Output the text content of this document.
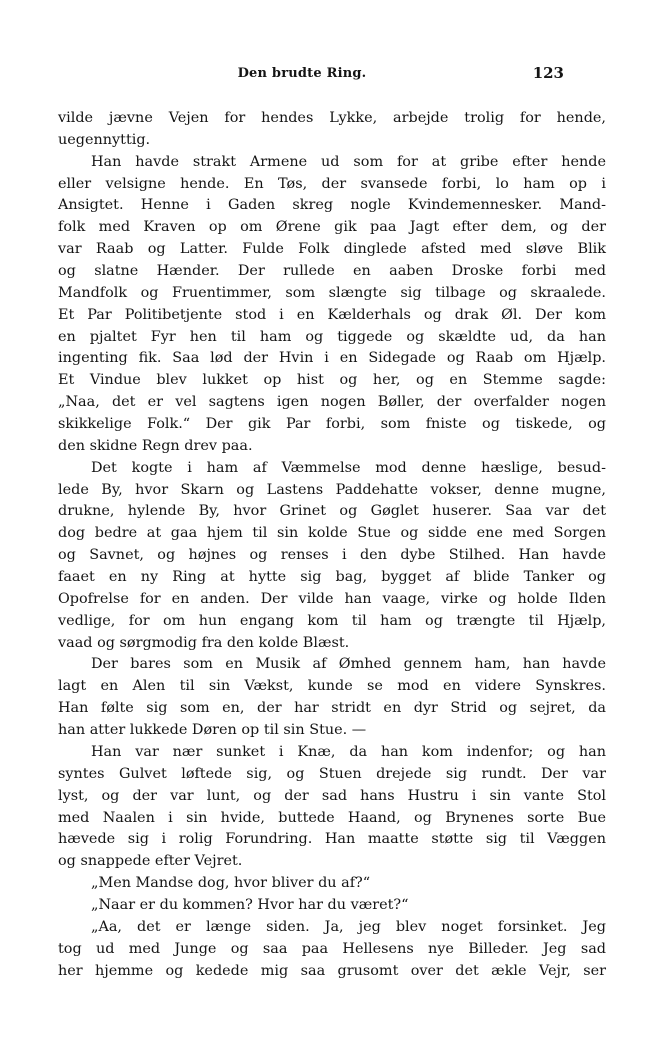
Den brudte Ring.	123
vilde jævne Vejen for hendes Lykke, arbejde trolig for hende,
uegennyttig.
Han havde strakt Armene ud som for at gribe efter hende
eller velsigne hende. En Tøs, der svansede forbi, lo ham op i
Ansigtet. Henne i Gaden skreg nogle Kvindemennesker. Mand-
folk med Kraven op om Ørene gik paa Jagt efter dem, og der
var Raab og Latter. Fulde Folk dinglede afsted med sløve Blik
og slatne Hænder. Der rullede en aaben Droske forbi med
Mandfolk og Fruentimmer, som slængte sig tilbage og skraalede.
Et Par Politibetjente stod i en Kælderhals og drak Øl. Der kom
en pjaltet Fyr hen til ham og tiggede og skældte ud, da han
ingenting fik. Saa lød der Hvin i en Sidegade og Raab om Hjælp.
Et Vindue blev lukket op hist og her, og en Stemme sagde:
„Naa, det er vel sagtens igen nogen Bøller, der overfalder nogen
skikkelige Folk.“ Der gik Par forbi, som fniste og tiskede, og
den skidne Regn drev paa.
Det kogte i ham af Væmmelse mod denne hæslige, besud-
lede By, hvor Skarn og Lastens Paddehatte vokser, denne mugne,
drukne, hylende By, hvor Grinet og Gøglet huserer. Saa var det
dog bedre at gaa hjem til sin kolde Stue og sidde ene med Sorgen
og Savnet, og højnes og renses i den dybe Stilhed. Han havde
faaet en ny Ring at hytte sig bag, bygget af blide Tanker og
Opofrelse for en anden. Der vilde han vaage, virke og holde Ilden
vedlige, for om hun engang kom til ham og trængte til Hjælp,
vaad og sørgmodig fra den kolde Blæst.
Der bares som en Musik af Ømhed gennem ham, han havde
lagt en Alen til sin Vækst, kunde se mod en videre Synskres.
Han følte sig som en, der har stridt en dyr Strid og sejret, da
han atter lukkede Døren op til sin Stue. —
Han var nær sunket i Knæ, da han kom indenfor; og han
syntes Gulvet løftede sig, og Stuen drejede sig rundt. Der var
lyst, og der var lunt, og der sad hans Hustru i sin vante Stol
med Naalen i sin hvide, buttede Haand, og Brynenes sorte Bue
hævede sig i rolig Forundring. Han maatte støtte sig til Væggen
og snappede efter Vejret.
„Men Mandse dog, hvor bliver du af?“
„Naar er du kommen? Hvor har du været?“
„Aa, det er længe siden. Ja, jeg blev noget forsinket. Jeg
tog ud med Junge og saa paa Hellesens nye Billeder. Jeg sad
her hjemme og kedede mig saa grusomt over det ækle Vejr, ser
